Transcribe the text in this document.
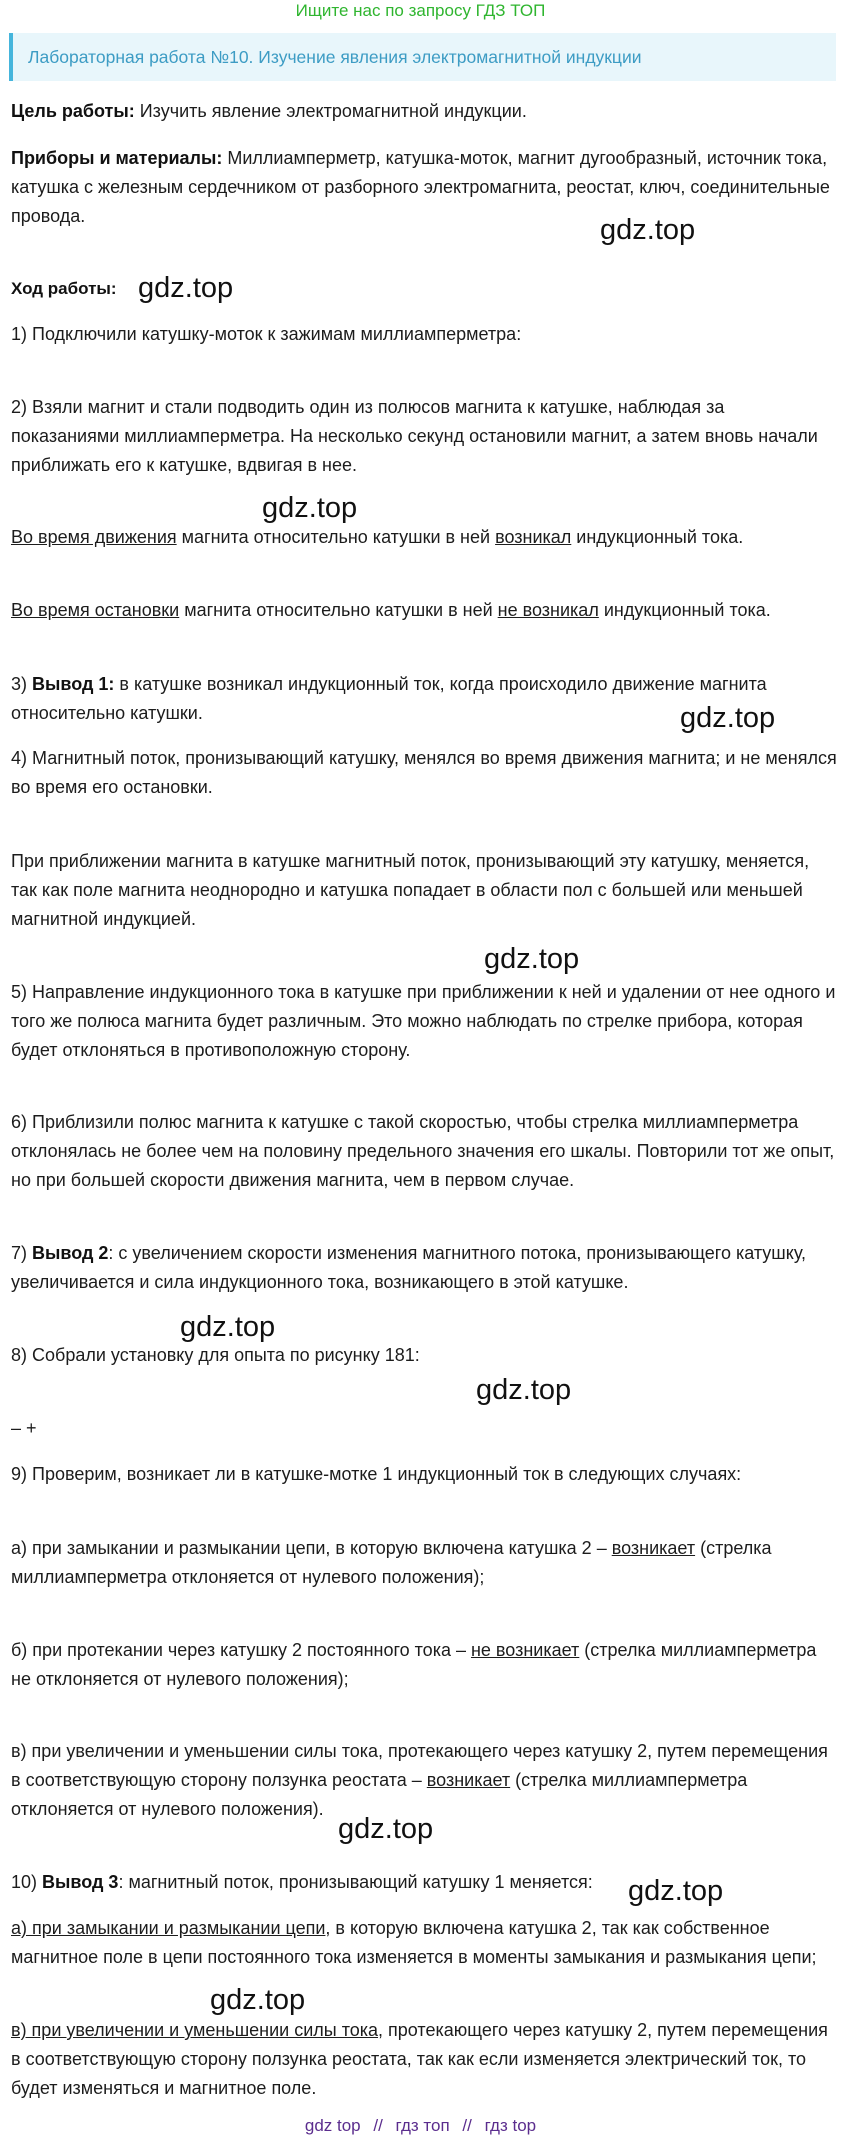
Ищите нас по запросу ГДЗ ТОП
Лабораторная работа №10. Изучение явления электромагнитной индукции

Цель работы: Изучить явление электромагнитной индукции.

Приборы и материалы: Миллиамперметр, катушка-моток, магнит дугообразный, источник тока, катушка с железным сердечником от разборного электромагнита, реостат, ключ, соединительные провода.

Ход работы:

1) Подключили катушку-моток к зажимам миллиамперметра:

2) Взяли магнит и стали подводить один из полюсов магнита к катушке, наблюдая за показаниями миллиамперметра. На несколько секунд остановили магнит, а затем вновь начали приближать его к катушке, вдвигая в нее.

Во время движения магнита относительно катушки в ней возникал индукционный тока.

Во время остановки магнита относительно катушки в ней не возникал индукционный тока.

3) Вывод 1: в катушке возникал индукционный ток, когда происходило движение магнита относительно катушки.

4) Магнитный поток, пронизывающий катушку, менялся во время движения магнита; и не менялся во время его остановки.

При приближении магнита в катушке магнитный поток, пронизывающий эту катушку, меняется, так как поле магнита неоднородно и катушка попадает в области пол с большей или меньшей магнитной индукцией.

5) Направление индукционного тока в катушке при приближении к ней и удалении от нее одного и того же полюса магнита будет различным. Это можно наблюдать по стрелке прибора, которая будет отклоняться в противоположную сторону.

6) Приблизили полюс магнита к катушке с такой скоростью, чтобы стрелка миллиамперметра отклонялась не более чем на половину предельного значения его шкалы. Повторили тот же опыт, но при большей скорости движения магнита, чем в первом случае.

7) Вывод 2: с увеличением скорости изменения магнитного потока, пронизывающего катушку, увеличивается и сила индукционного тока, возникающего в этой катушке.

8) Собрали установку для опыта по рисунку 181:

– +

9) Проверим, возникает ли в катушке-мотке 1 индукционный ток в следующих случаях:

а) при замыкании и размыкании цепи, в которую включена катушка 2 – возникает (стрелка миллиамперметра отклоняется от нулевого положения);

б) при протекании через катушку 2 постоянного тока – не возникает (стрелка миллиамперметра не отклоняется от нулевого положения);

в) при увеличении и уменьшении силы тока, протекающего через катушку 2, путем перемещения в соответствующую сторону ползунка реостата – возникает (стрелка миллиамперметра отклоняется от нулевого положения).

10) Вывод 3: магнитный поток, пронизывающий катушку 1 меняется:

а) при замыкании и размыкании цепи, в которую включена катушка 2, так как собственное магнитное поле в цепи постоянного тока изменяется в моменты замыкания и размыкания цепи;

в) при увеличении и уменьшении силы тока, протекающего через катушку 2, путем перемещения в соответствующую сторону ползунка реостата, так как если изменяется электрический ток, то будет изменяться и магнитное поле.

gdz.top
gdz.top
gdz.top
gdz.top
gdz.top
gdz.top
gdz.top
gdz.top
gdz.top
gdz.top
gdz top // гдз топ // гдз top
